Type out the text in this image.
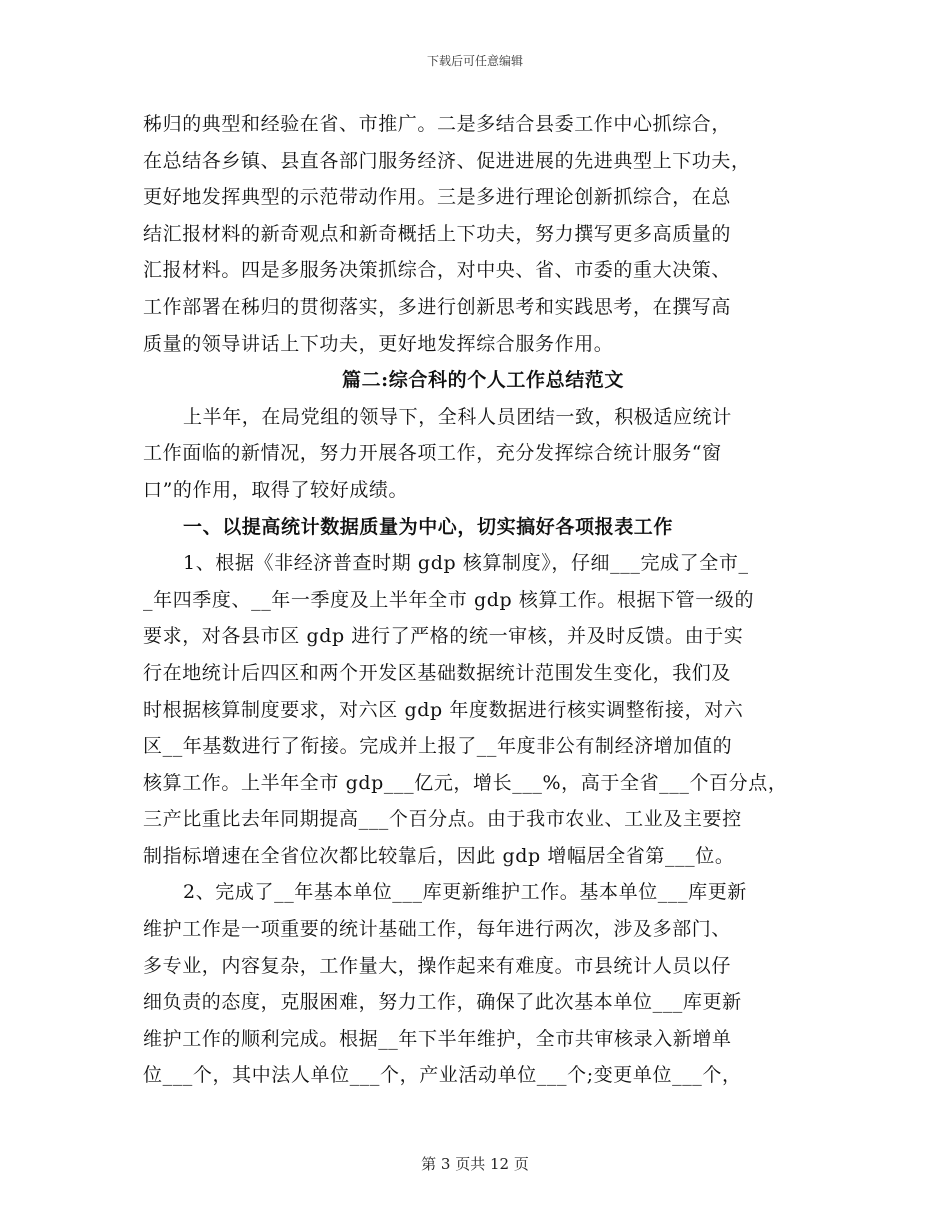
下载后可任意编辑
秭归的典型和经验在省、市推广。二是多结合县委工作中心抓综合，
在总结各乡镇、县直各部门服务经济、促进进展的先进典型上下功夫，
更好地发挥典型的示范带动作用。三是多进行理论创新抓综合，在总
结汇报材料的新奇观点和新奇概括上下功夫，努力撰写更多高质量的
汇报材料。四是多服务决策抓综合，对中央、省、市委的重大决策、
工作部署在秭归的贯彻落实，多进行创新思考和实践思考，在撰写高
质量的领导讲话上下功夫，更好地发挥综合服务作用。
篇二:综合科的个人工作总结范文
上半年，在局党组的领导下，全科人员团结一致，积极适应统计
工作面临的新情况，努力开展各项工作，充分发挥综合统计服务“窗
口”的作用，取得了较好成绩。
一、以提高统计数据质量为中心，切实搞好各项报表工作
1、根据《非经济普查时期 gdp 核算制度》，仔细___完成了全市_
_年四季度、__年一季度及上半年全市 gdp 核算工作。根据下管一级的
要求，对各县市区 gdp 进行了严格的统一审核，并及时反馈。由于实
行在地统计后四区和两个开发区基础数据统计范围发生变化，我们及
时根据核算制度要求，对六区 gdp 年度数据进行核实调整衔接，对六
区__年基数进行了衔接。完成并上报了__年度非公有制经济增加值的
核算工作。上半年全市 gdp___亿元，增长___%，高于全省___个百分点，
三产比重比去年同期提高___个百分点。由于我市农业、工业及主要控
制指标增速在全省位次都比较靠后，因此 gdp 增幅居全省第___位。
2、完成了__年基本单位___库更新维护工作。基本单位___库更新
维护工作是一项重要的统计基础工作，每年进行两次，涉及多部门、
多专业，内容复杂，工作量大，操作起来有难度。市县统计人员以仔
细负责的态度，克服困难，努力工作，确保了此次基本单位___库更新
维护工作的顺利完成。根据__年下半年维护，全市共审核录入新增单
位___个，其中法人单位___个，产业活动单位___个;变更单位___个，
第 3 页共 12 页
